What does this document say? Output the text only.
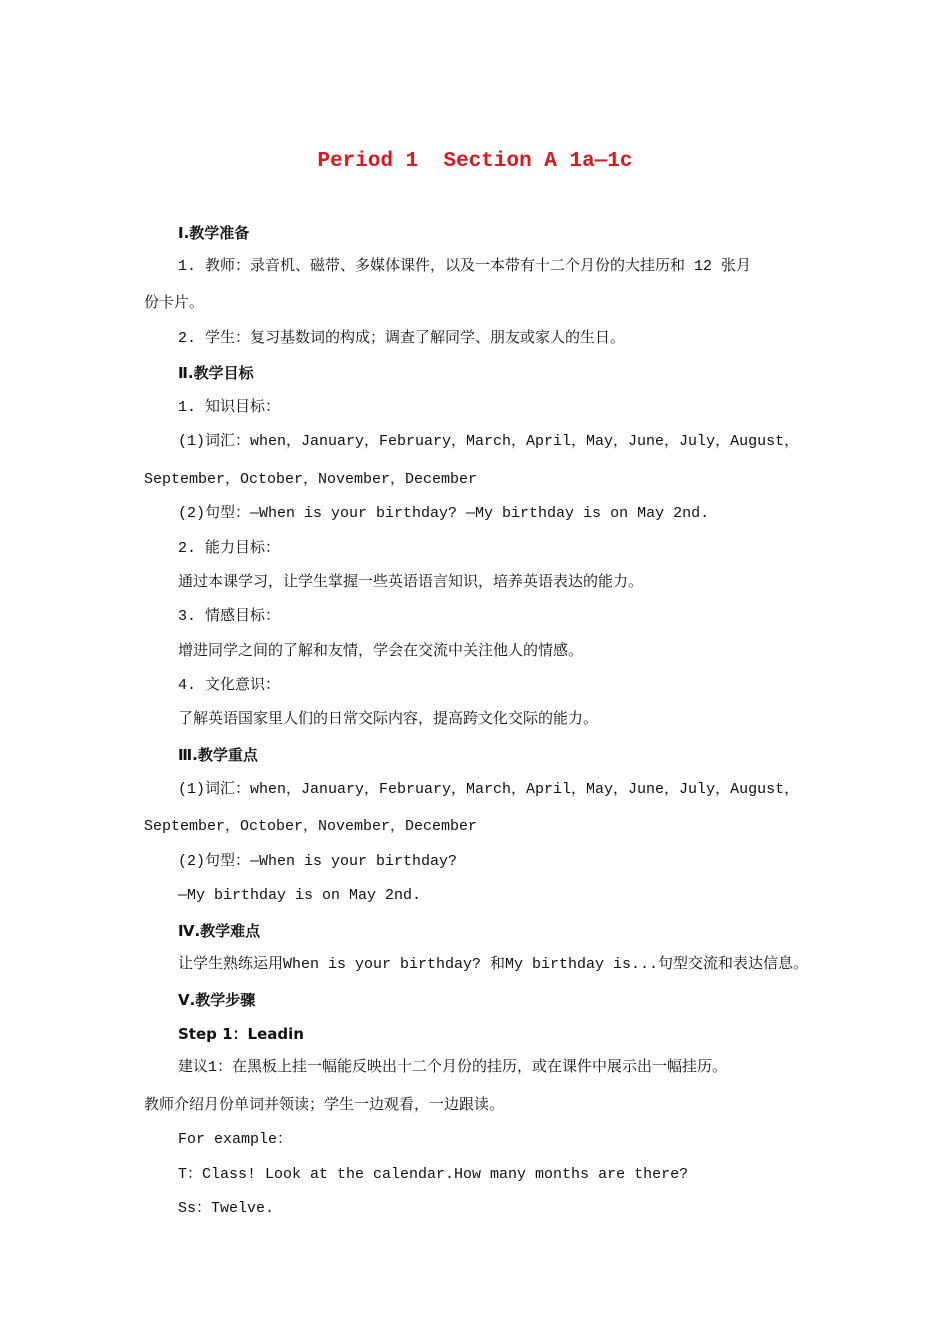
Period 1  Section A 1a—1c
Ⅰ.教学准备
1. 教师：录音机、磁带、多媒体课件，以及一本带有十二个月份的大挂历和 12 张月
份卡片。
2. 学生：复习基数词的构成；调查了解同学、朋友或家人的生日。
Ⅱ.教学目标
1. 知识目标：
(1)词汇：when，January，February，March，April，May，June，July，August，
September，October，November，December
(2)句型：—When is your birthday? —My birthday is on May 2nd.
2. 能力目标：
通过本课学习，让学生掌握一些英语语言知识，培养英语表达的能力。
3. 情感目标：
增进同学之间的了解和友情，学会在交流中关注他人的情感。
4. 文化意识：
了解英语国家里人们的日常交际内容，提高跨文化交际的能力。
Ⅲ.教学重点
(1)词汇：when，January，February，March，April，May，June，July，August，
September，October，November，December
(2)句型：—When is your birthday?
—My birthday is on May 2nd.
Ⅳ.教学难点
让学生熟练运用When is your birthday? 和My birthday is...句型交流和表达信息。
Ⅴ.教学步骤
Step 1：Leadin
建议1：在黑板上挂一幅能反映出十二个月份的挂历，或在课件中展示出一幅挂历。
教师介绍月份单词并领读；学生一边观看，一边跟读。
For example：
T：Class! Look at the calendar.How many months are there?
Ss：Twelve.
